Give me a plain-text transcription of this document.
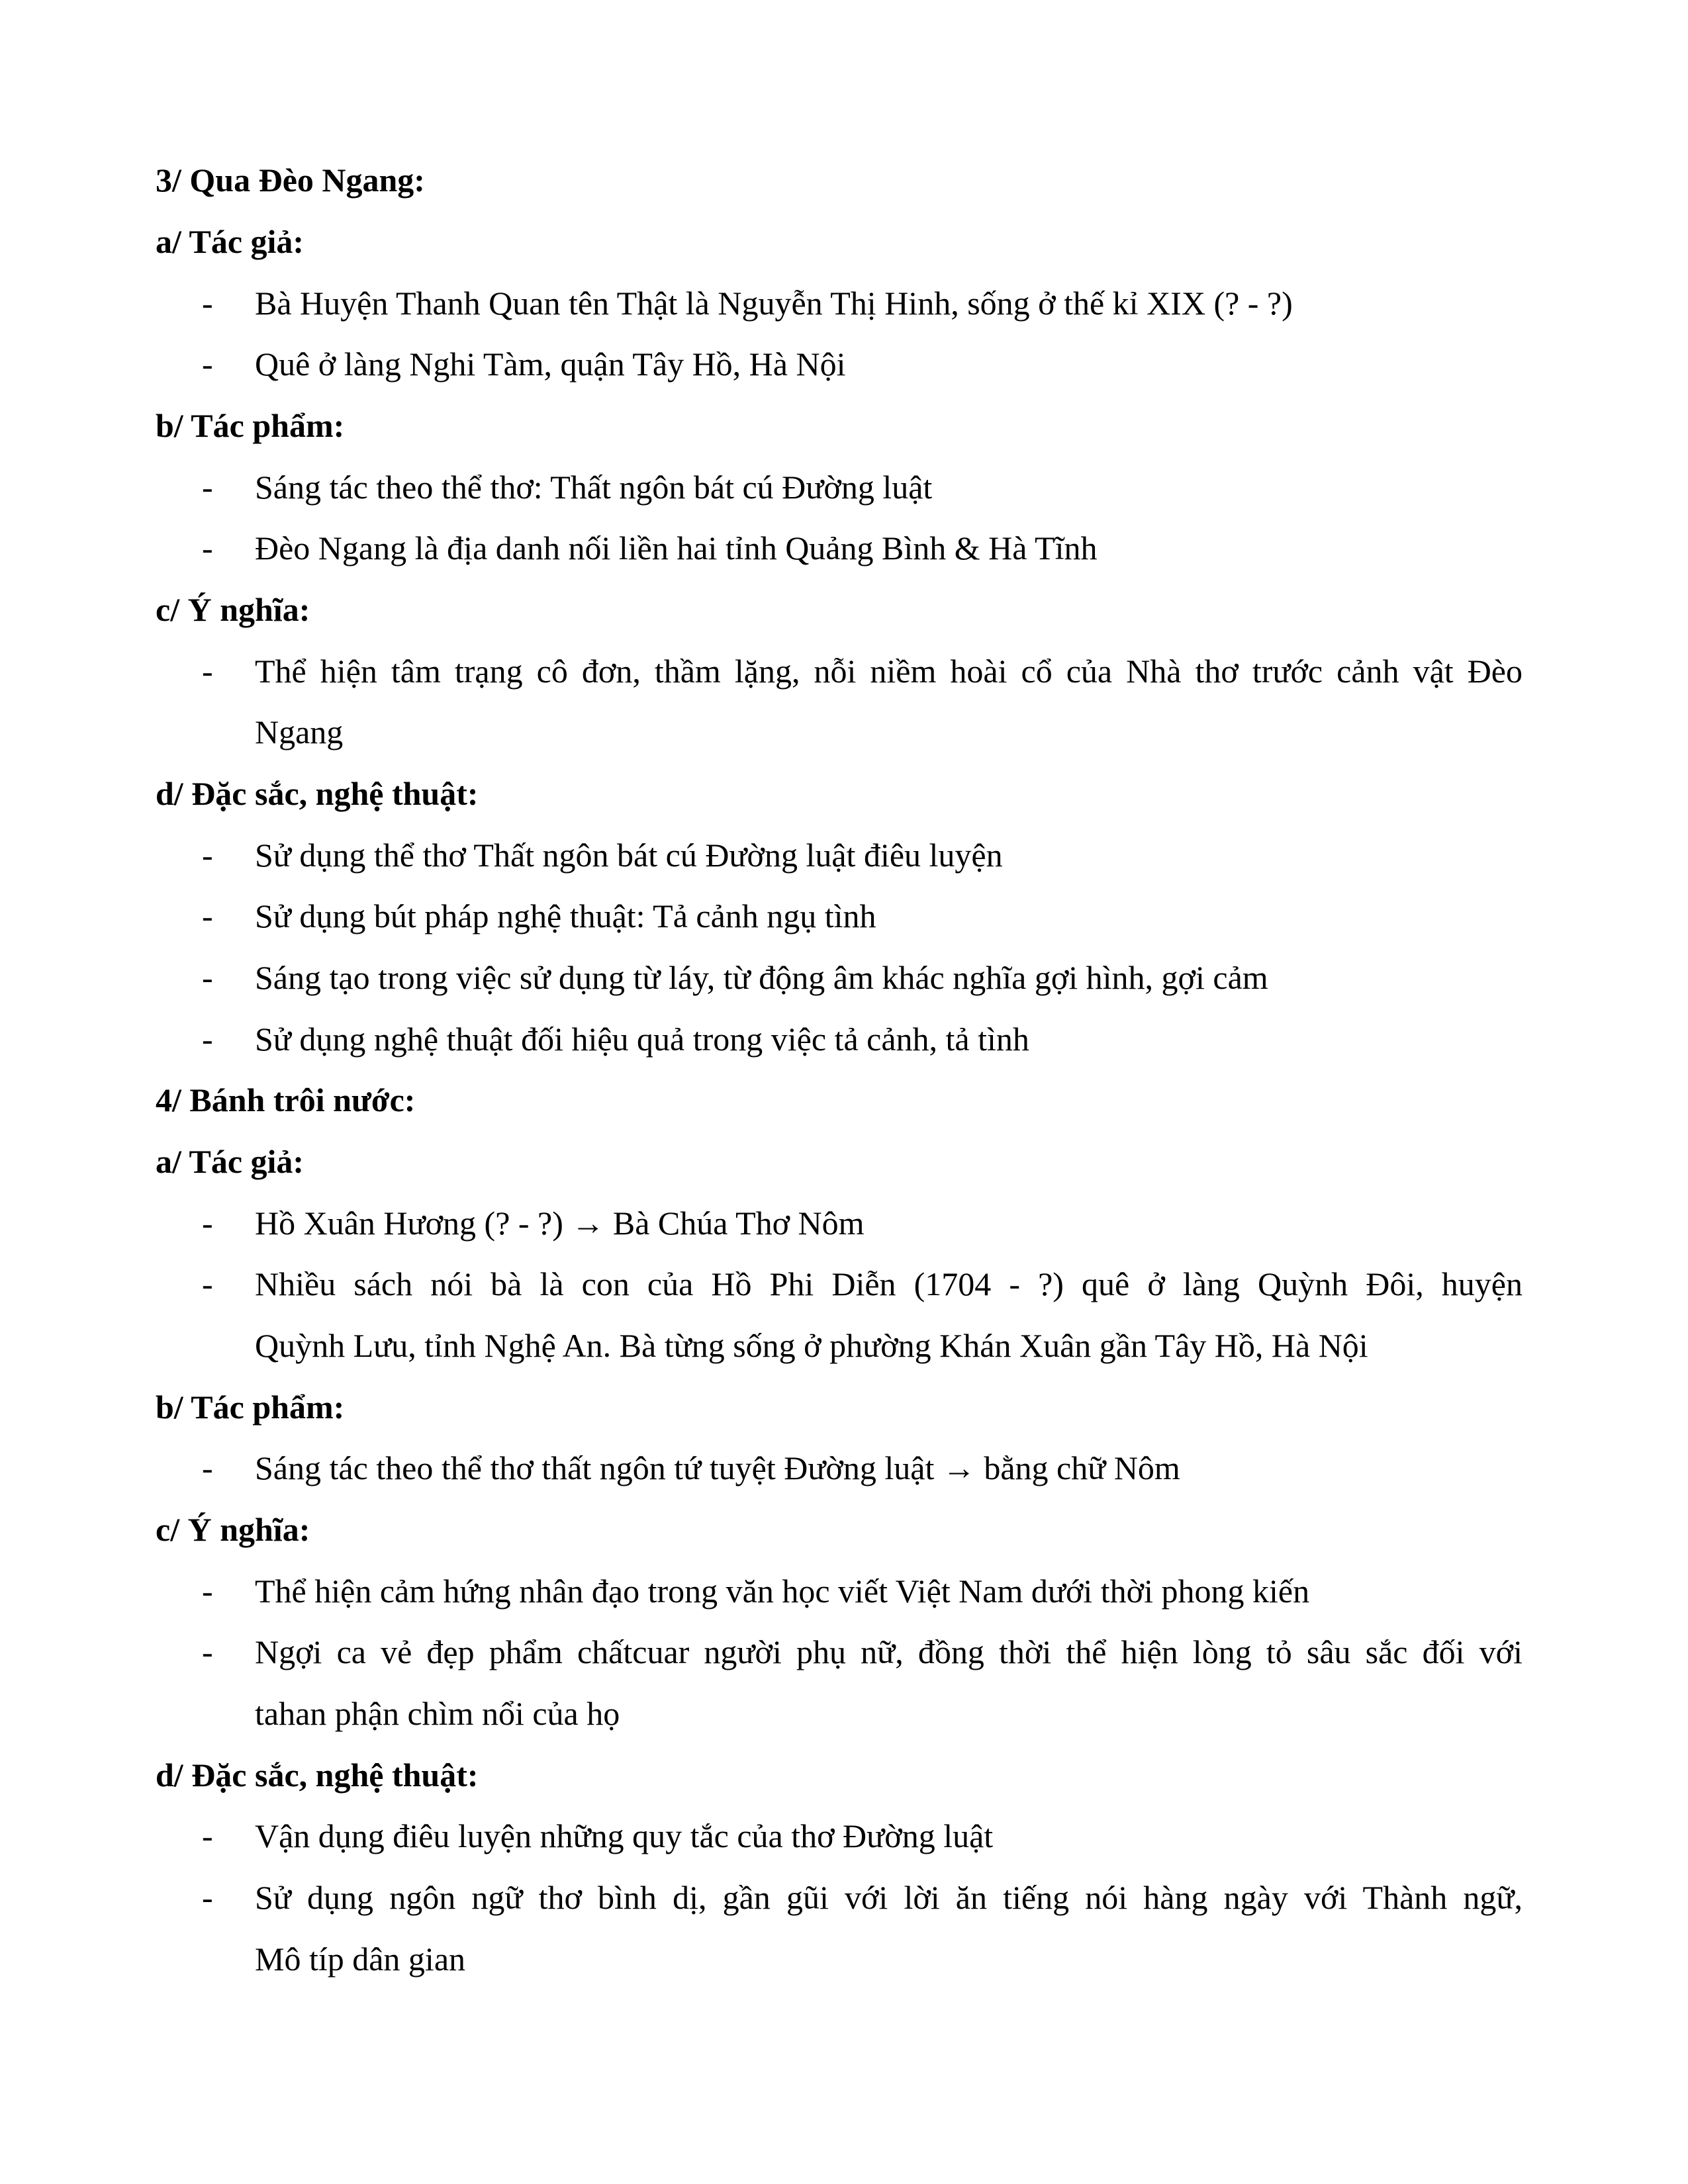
3/ Qua Đèo Ngang:
a/ Tác giả:
- Bà Huyện Thanh Quan tên Thật là Nguyễn Thị Hinh, sống ở thế kỉ XIX (? - ?)
- Quê ở làng Nghi Tàm, quận Tây Hồ, Hà Nội
b/ Tác phẩm:
- Sáng tác theo thể thơ: Thất ngôn bát cú Đường luật
- Đèo Ngang là địa danh nối liền hai tỉnh Quảng Bình & Hà Tĩnh
c/ Ý nghĩa:
- Thể hiện tâm trạng cô đơn, thầm lặng, nỗi niềm hoài cổ của Nhà thơ trước cảnh vật Đèo
Ngang
d/ Đặc sắc, nghệ thuật:
- Sử dụng thể thơ Thất ngôn bát cú Đường luật điêu luyện
- Sử dụng bút pháp nghệ thuật: Tả cảnh ngụ tình
- Sáng tạo trong việc sử dụng từ láy, từ động âm khác nghĩa gợi hình, gợi cảm
- Sử dụng nghệ thuật đối hiệu quả trong việc tả cảnh, tả tình
4/ Bánh trôi nước:
a/ Tác giả:
- Hồ Xuân Hương (? - ?) → Bà Chúa Thơ Nôm
- Nhiều sách nói bà là con của Hồ Phi Diễn (1704 - ?) quê ở làng Quỳnh Đôi, huyện
Quỳnh Lưu, tỉnh Nghệ An. Bà từng sống ở phường Khán Xuân gần Tây Hồ, Hà Nội
b/ Tác phẩm:
- Sáng tác theo thể thơ thất ngôn tứ tuyệt Đường luật → bằng chữ Nôm
c/ Ý nghĩa:
- Thể hiện cảm hứng nhân đạo trong văn học viết Việt Nam dưới thời phong kiến
- Ngợi ca vẻ đẹp phẩm chấtcuar người phụ nữ, đồng thời thể hiện lòng tỏ sâu sắc đối với
tahan phận chìm nổi của họ
d/ Đặc sắc, nghệ thuật:
- Vận dụng điêu luyện những quy tắc của thơ Đường luật
- Sử dụng ngôn ngữ thơ bình dị, gần gũi với lời ăn tiếng nói hàng ngày với Thành ngữ,
Mô típ dân gian
